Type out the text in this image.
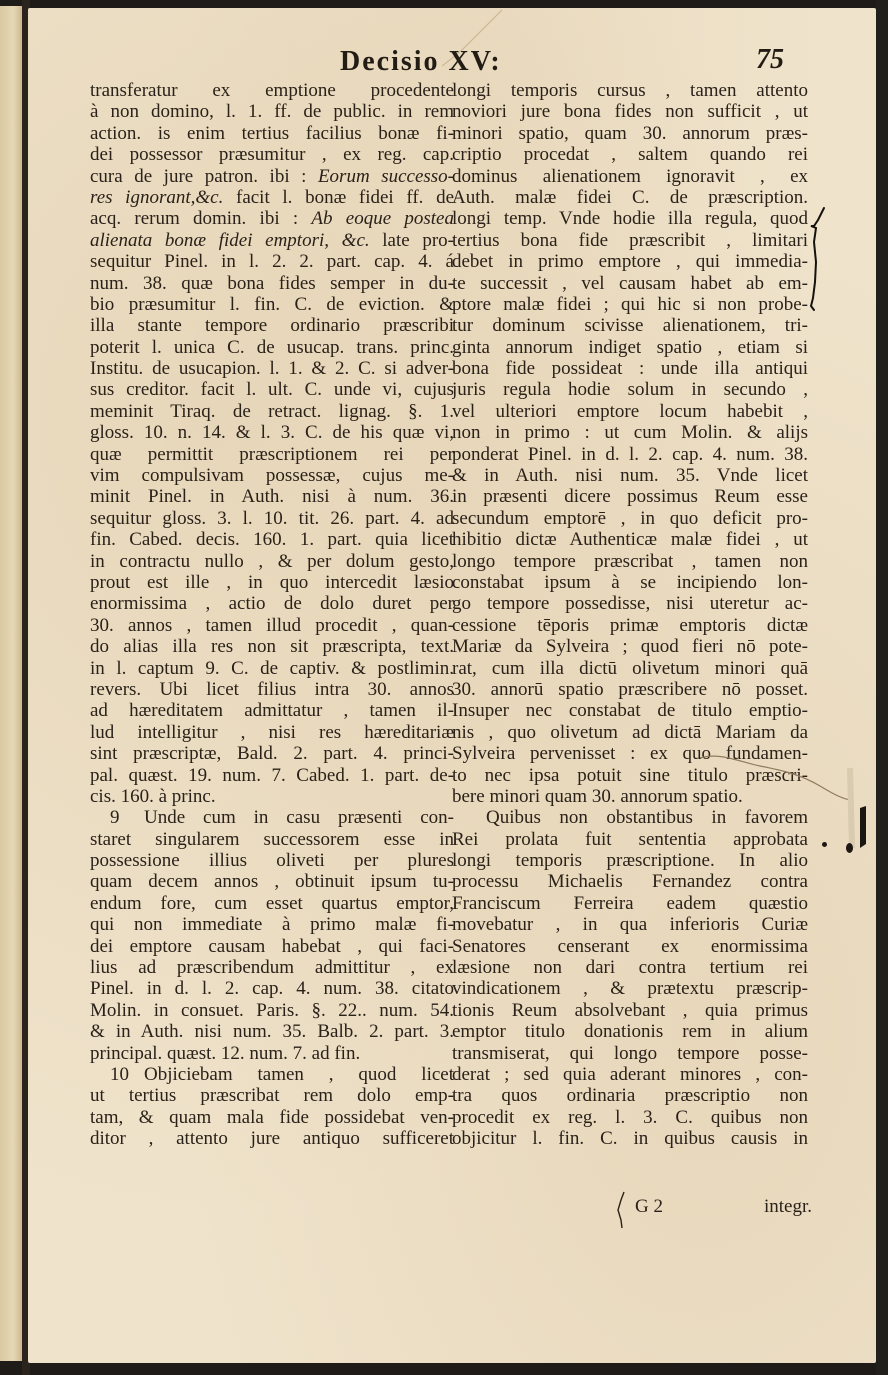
Decisio XV:	75
transferatur ex emptione procedente
à non domino, l. 1. ff. de public. in rem
action. is enim tertius facilius bonæ fi-
dei possessor præsumitur , ex reg. cap.
cura de jure patron. ibi : Eorum successo-
res ignorant,&c. facit l. bonæ fidei ff. de
acq. rerum domin. ibi : Ab eoque postea
alienata bonæ fidei emptori, &c. late pro-
sequitur Pinel. in l. 2. 2. part. cap. 4. á
num. 38. quæ bona fides semper in du-
bio præsumitur l. fin. C. de eviction. &
illa stante tempore ordinario præscribi
poterit l. unica C. de usucap. trans. princ.
Institu. de usucapion. l. 1. & 2. C. si adver-
sus creditor. facit l. ult. C. unde vi, cujus
meminit Tiraq. de retract. lignag. §. 1.
gloss. 10. n. 14. & l. 3. C. de his quæ vi,
quæ permittit præscriptionem rei per
vim compulsivam possessæ, cujus me-
minit Pinel. in Auth. nisi à num. 36.
sequitur gloss. 3. l. 10. tit. 26. part. 4. ad
fin. Cabed. decis. 160. 1. part. quia licet
in contractu nullo , & per dolum gesto,
prout est ille , in quo intercedit læsio
enormissima , actio de dolo duret per
30. annos , tamen illud procedit , quan-
do alias illa res non sit præscripta, text.
in l. captum 9. C. de captiv. & postlimin.
revers. Ubi licet filius intra 30. annos
ad hæreditatem admittatur , tamen il-
lud intelligitur , nisi res hæreditariæ
sint præscriptæ, Bald. 2. part. 4. princi-
pal. quæst. 19. num. 7. Cabed. 1. part. de-
cis. 160. à princ.
9 Unde cum in casu præsenti con-
staret singularem successorem esse in
possessione illius oliveti per plures
quam decem annos , obtinuit ipsum tu-
endum fore, cum esset quartus emptor,
qui non immediate à primo malæ fi-
dei emptore causam habebat , qui faci-
lius ad præscribendum admittitur , ex
Pinel. in d. l. 2. cap. 4. num. 38. citato
Molin. in consuet. Paris. §. 22.. num. 54.
& in Auth. nisi num. 35. Balb. 2. part. 3.
principal. quæst. 12. num. 7. ad fin.
10 Objiciebam tamen , quod licet
ut tertius præscribat rem dolo emp-
tam, & quam mala fide possidebat ven-
ditor , attento jure antiquo sufficeret
longi temporis cursus , tamen attento
noviori jure bona fides non sufficit , ut
minori spatio, quam 30. annorum præs-
criptio procedat , saltem quando rei
dominus alienationem ignoravit , ex
Auth. malæ fidei C. de præscription.
longi temp. Vnde hodie illa regula, quod
tertius bona fide præscribit , limitari
debet in primo emptore , qui immedia-
te successit , vel causam habet ab em-
ptore malæ fidei ; qui hic si non probe-
tur dominum scivisse alienationem, tri-
ginta annorum indiget spatio , etiam si
bona fide possideat : unde illa antiqui
juris regula hodie solum in secundo ,
vel ulteriori emptore locum habebit ,
non in primo : ut cum Molin. & alijs
ponderat Pinel. in d. l. 2. cap. 4. num. 38.
& in Auth. nisi num. 35. Vnde licet
in præsenti dicere possimus Reum esse
secundum emptorē , in quo deficit pro-
hibitio dictæ Authenticæ malæ fidei , ut
longo tempore præscribat , tamen non
constabat ipsum à se incipiendo lon-
go tempore possedisse, nisi uteretur ac-
cessione tēporis primæ emptoris dictæ
Mariæ da Sylveira ; quod fieri nō pote-
rat, cum illa dictū olivetum minori quā
30. annorū spatio præscribere nō posset.
Insuper nec constabat de titulo emptio-
nis , quo olivetum ad dictā Mariam da
Sylveira pervenisset : ex quo fundamen-
to nec ipsa potuit sine titulo præscri-
bere minori quam 30. annorum spatio.
Quibus non obstantibus in favorem
Rei prolata fuit sententia approbata
longi temporis præscriptione. In alio
processu Michaelis Fernandez contra
Franciscum Ferreira eadem quæstio
movebatur , in qua inferioris Curiæ
Senatores censerant ex enormissima
læsione non dari contra tertium rei
vindicationem , & prætextu præscrip-
tionis Reum absolvebant , quia primus
emptor titulo donationis rem in alium
transmiserat, qui longo tempore posse-
derat ; sed quia aderant minores , con-
tra quos ordinaria præscriptio non
procedit ex reg. l. 3. C. quibus non
objicitur l. fin. C. in quibus causis in
G 2	integr.
